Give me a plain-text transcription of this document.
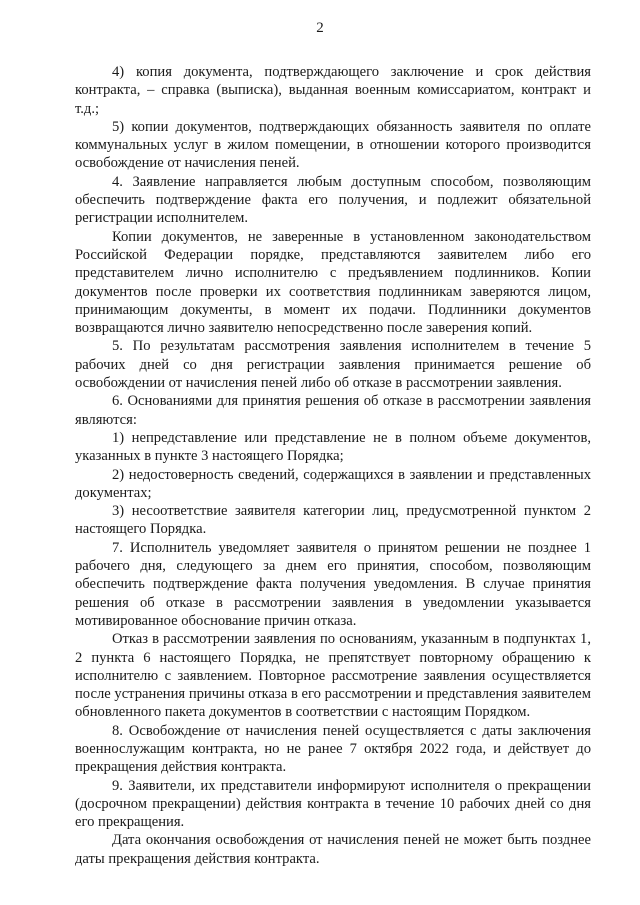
2

4) копия документа, подтверждающего заключение и срок действия контракта, – справка (выписка), выданная военным комиссариатом, контракт и т.д.;

5) копии документов, подтверждающих обязанность заявителя по оплате коммунальных услуг в жилом помещении, в отношении которого производится освобождение от начисления пеней.

4. Заявление направляется любым доступным способом, позволяющим обеспечить подтверждение факта его получения, и подлежит обязательной регистрации исполнителем.

Копии документов, не заверенные в установленном законодательством Российской Федерации порядке, представляются заявителем либо его представителем лично исполнителю с предъявлением подлинников. Копии документов после проверки их соответствия подлинникам заверяются лицом, принимающим документы, в момент их подачи. Подлинники документов возвращаются лично заявителю непосредственно после заверения копий.

5. По результатам рассмотрения заявления исполнителем в течение 5 рабочих дней со дня регистрации заявления принимается решение об освобождении от начисления пеней либо об отказе в рассмотрении заявления.

6. Основаниями для принятия решения об отказе в рассмотрении заявления являются:

1) непредставление или представление не в полном объеме документов, указанных в пункте 3 настоящего Порядка;

2) недостоверность сведений, содержащихся в заявлении и представленных документах;

3) несоответствие заявителя категории лиц, предусмотренной пунктом 2 настоящего Порядка.

7. Исполнитель уведомляет заявителя о принятом решении не позднее 1 рабочего дня, следующего за днем его принятия, способом, позволяющим обеспечить подтверждение факта получения уведомления. В случае принятия решения об отказе в рассмотрении заявления в уведомлении указывается мотивированное обоснование причин отказа.

Отказ в рассмотрении заявления по основаниям, указанным в подпунктах 1, 2 пункта 6 настоящего Порядка, не препятствует повторному обращению к исполнителю с заявлением. Повторное рассмотрение заявления осуществляется после устранения причины отказа в его рассмотрении и представления заявителем обновленного пакета документов в соответствии с настоящим Порядком.

8. Освобождение от начисления пеней осуществляется с даты заключения военнослужащим контракта, но не ранее 7 октября 2022 года, и действует до прекращения действия контракта.

9. Заявители, их представители информируют исполнителя о прекращении (досрочном прекращении) действия контракта в течение 10 рабочих дней со дня его прекращения.

Дата окончания освобождения от начисления пеней не может быть позднее даты прекращения действия контракта.
